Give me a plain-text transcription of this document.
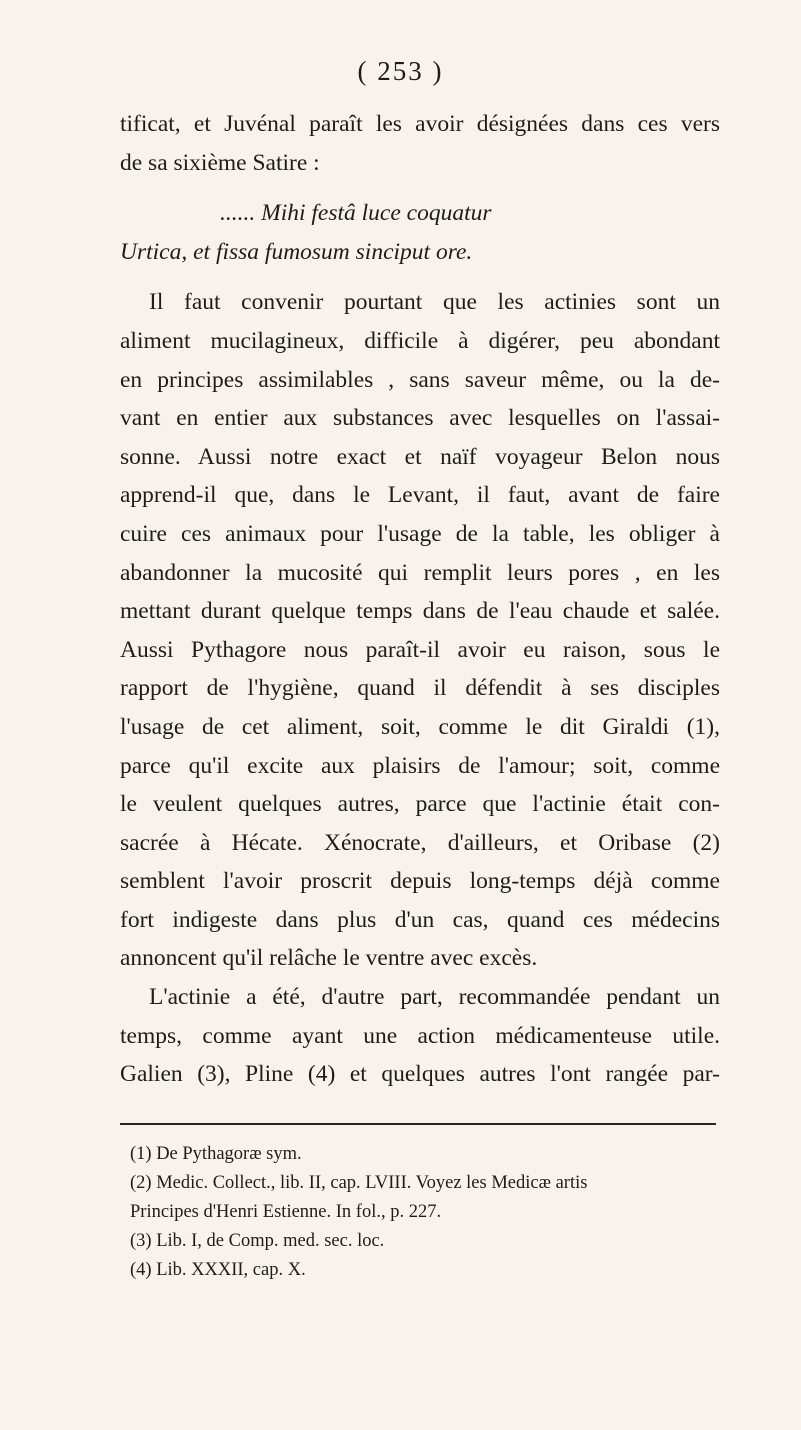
( 253 )
tificat, et Juvénal paraît les avoir désignées dans ces vers
de sa sixième Satire :
...... Mihi festâ luce coquatur
Urtica, et fissa fumosum sinciput ore.
Il faut convenir pourtant que les actinies sont un
aliment mucilagineux, difficile à digérer, peu abondant
en principes assimilables , sans saveur même, ou la de-
vant en entier aux substances avec lesquelles on l'assai-
sonne. Aussi notre exact et naïf voyageur Belon nous
apprend-il que, dans le Levant, il faut, avant de faire
cuire ces animaux pour l'usage de la table, les obliger à
abandonner la mucosité qui remplit leurs pores , en les
mettant durant quelque temps dans de l'eau chaude et salée.
Aussi Pythagore nous paraît-il avoir eu raison, sous le
rapport de l'hygiène, quand il défendit à ses disciples
l'usage de cet aliment, soit, comme le dit Giraldi (1),
parce qu'il excite aux plaisirs de l'amour; soit, comme
le veulent quelques autres, parce que l'actinie était con-
sacrée à Hécate. Xénocrate, d'ailleurs, et Oribase (2)
semblent l'avoir proscrit depuis long-temps déjà comme
fort indigeste dans plus d'un cas, quand ces médecins
annoncent qu'il relâche le ventre avec excès.
L'actinie a été, d'autre part, recommandée pendant un
temps, comme ayant une action médicamenteuse utile.
Galien (3), Pline (4) et quelques autres l'ont rangée par-
(1) De Pythagoræ sym.
(2) Medic. Collect., lib. II, cap. LVIII. Voyez les Medicæ artis
Principes d'Henri Estienne. In fol., p. 227.
(3) Lib. I, de Comp. med. sec. loc.
(4) Lib. XXXII, cap. X.
